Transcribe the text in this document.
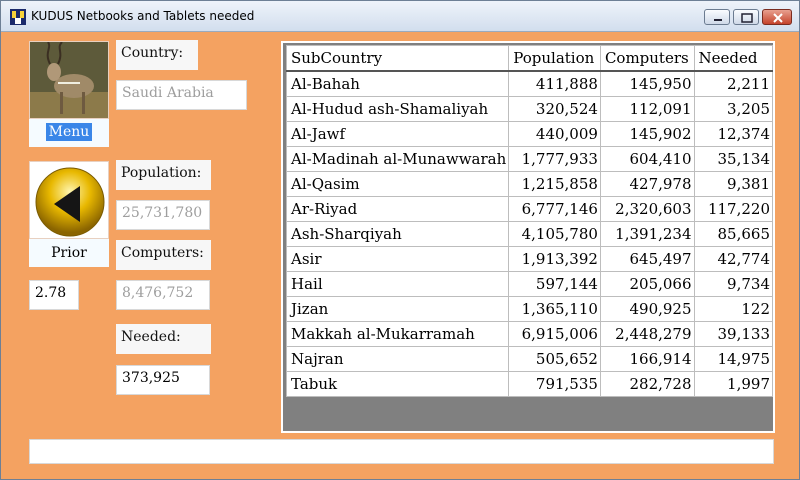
KUDUS Netbooks and Tablets needed
Menu
Prior
2.78
Country:
Saudi Arabia
Population:
25,731,780
Computers:
8,476,752
Needed:
373,925
SubCountry	Population	Computers	Needed
Al-Bahah	411,888	145,950	2,211
Al-Hudud ash-Shamaliyah	320,524	112,091	3,205
Al-Jawf	440,009	145,902	12,374
Al-Madinah al-Munawwarah	1,777,933	604,410	35,134
Al-Qasim	1,215,858	427,978	9,381
Ar-Riyad	6,777,146	2,320,603	117,220
Ash-Sharqiyah	4,105,780	1,391,234	85,665
Asir	1,913,392	645,497	42,774
Hail	597,144	205,066	9,734
Jizan	1,365,110	490,925	122
Makkah al-Mukarramah	6,915,006	2,448,279	39,133
Najran	505,652	166,914	14,975
Tabuk	791,535	282,728	1,997
